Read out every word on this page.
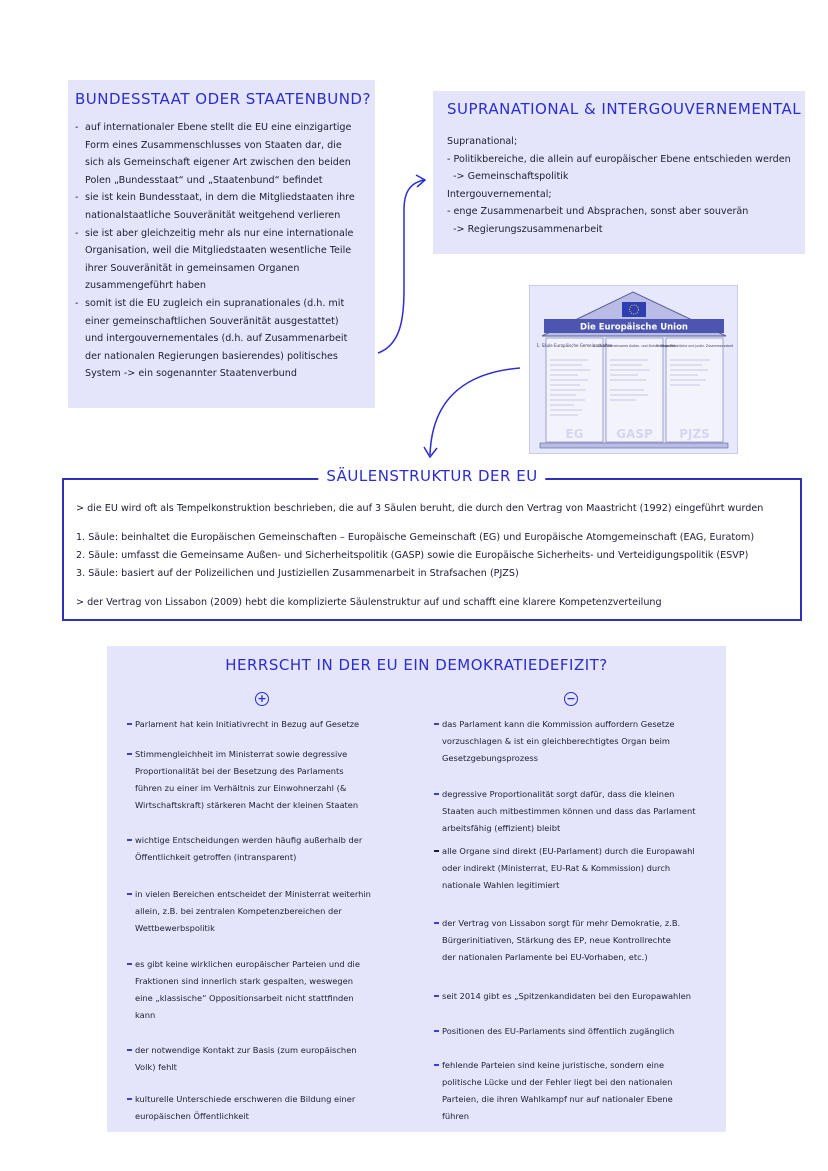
BUNDESSTAAT ODER STAATENBUND?
- auf internationaler Ebene stellt die EU eine einzigartige
Form eines Zusammenschlusses von Staaten dar, die
sich als Gemeinschaft eigener Art zwischen den beiden
Polen „Bundesstaat“ und „Staatenbund“ befindet
- sie ist kein Bundesstaat, in dem die Mitgliedstaaten ihre
nationalstaatliche Souveränität weitgehend verlieren
- sie ist aber gleichzeitig mehr als nur eine internationale
Organisation, weil die Mitgliedstaaten wesentliche Teile
ihrer Souveränität in gemeinsamen Organen
zusammengeführt haben
- somit ist die EU zugleich ein supranationales (d.h. mit
einer gemeinschaftlichen Souveränität ausgestattet)
und intergouvernementales (d.h. auf Zusammenarbeit
der nationalen Regierungen basierendes) politisches
System -> ein sogenannter Staatenverbund
SUPRANATIONAL & INTERGOUVERNEMENTAL
Supranational;
- Politikbereiche, die allein auf europäischer Ebene entschieden werden
-> Gemeinschaftspolitik
Intergouvernemental;
- enge Zusammenarbeit und Absprachen, sonst aber souverän
-> Regierungszusammenarbeit
Die Europäische Union
1. Säule Europäische Gemeinschaften
2. Säule Gemeinsame Außen- und Sicherheitspolitik
3. Säule Polizeiliche und justiz. Zusammenarbeit
EG	GASP PJZS
SÄULENSTRUKTUR DER EU
> die EU wird oft als Tempelkonstruktion beschrieben, die auf 3 Säulen beruht, die durch den Vertrag von Maastricht (1992) eingeführt wurden
1. Säule: beinhaltet die Europäischen Gemeinschaften – Europäische Gemeinschaft (EG) und Europäische Atomgemeinschaft (EAG, Euratom)
2. Säule: umfasst die Gemeinsame Außen- und Sicherheitspolitik (GASP) sowie die Europäische Sicherheits- und Verteidigungspolitik (ESVP)
3. Säule: basiert auf der Polizeilichen und Justiziellen Zusammenarbeit in Strafsachen (PJZS)
> der Vertrag von Lissabon (2009) hebt die komplizierte Säulenstruktur auf und schafft eine klarere Kompetenzverteilung
HERRSCHT IN DER EU EIN DEMOKRATIEDEFIZIT?
+	−
Parlament hat kein Initiativrecht in Bezug auf Gesetze
Stimmengleichheit im Ministerrat sowie degressive
Proportionalität bei der Besetzung des Parlaments
führen zu einer im Verhältnis zur Einwohnerzahl (&
Wirtschaftskraft) stärkeren Macht der kleinen Staaten
wichtige Entscheidungen werden häufig außerhalb der
Öffentlichkeit getroffen (intransparent)
in vielen Bereichen entscheidet der Ministerrat weiterhin
allein, z.B. bei zentralen Kompetenzbereichen der
Wettbewerbspolitik
es gibt keine wirklichen europäischer Parteien und die
Fraktionen sind innerlich stark gespalten, weswegen
eine „klassische“ Oppositionsarbeit nicht stattfinden
kann
der notwendige Kontakt zur Basis (zum europäischen
Volk) fehlt
kulturelle Unterschiede erschweren die Bildung einer
europäischen Öffentlichkeit
das Parlament kann die Kommission auffordern Gesetze
vorzuschlagen & ist ein gleichberechtigtes Organ beim
Gesetzgebungsprozess
degressive Proportionalität sorgt dafür, dass die kleinen
Staaten auch mitbestimmen können und dass das Parlament
arbeitsfähig (effizient) bleibt
alle Organe sind direkt (EU-Parlament) durch die Europawahl
oder indirekt (Ministerrat, EU-Rat & Kommission) durch
nationale Wahlen legitimiert
der Vertrag von Lissabon sorgt für mehr Demokratie, z.B.
Bürgerinitiativen, Stärkung des EP, neue Kontrollrechte
der nationalen Parlamente bei EU-Vorhaben, etc.)
seit 2014 gibt es „Spitzenkandidaten bei den Europawahlen
Positionen des EU-Parlaments sind öffentlich zugänglich
fehlende Parteien sind keine juristische, sondern eine
politische Lücke und der Fehler liegt bei den nationalen
Parteien, die ihren Wahlkampf nur auf nationaler Ebene
führen
